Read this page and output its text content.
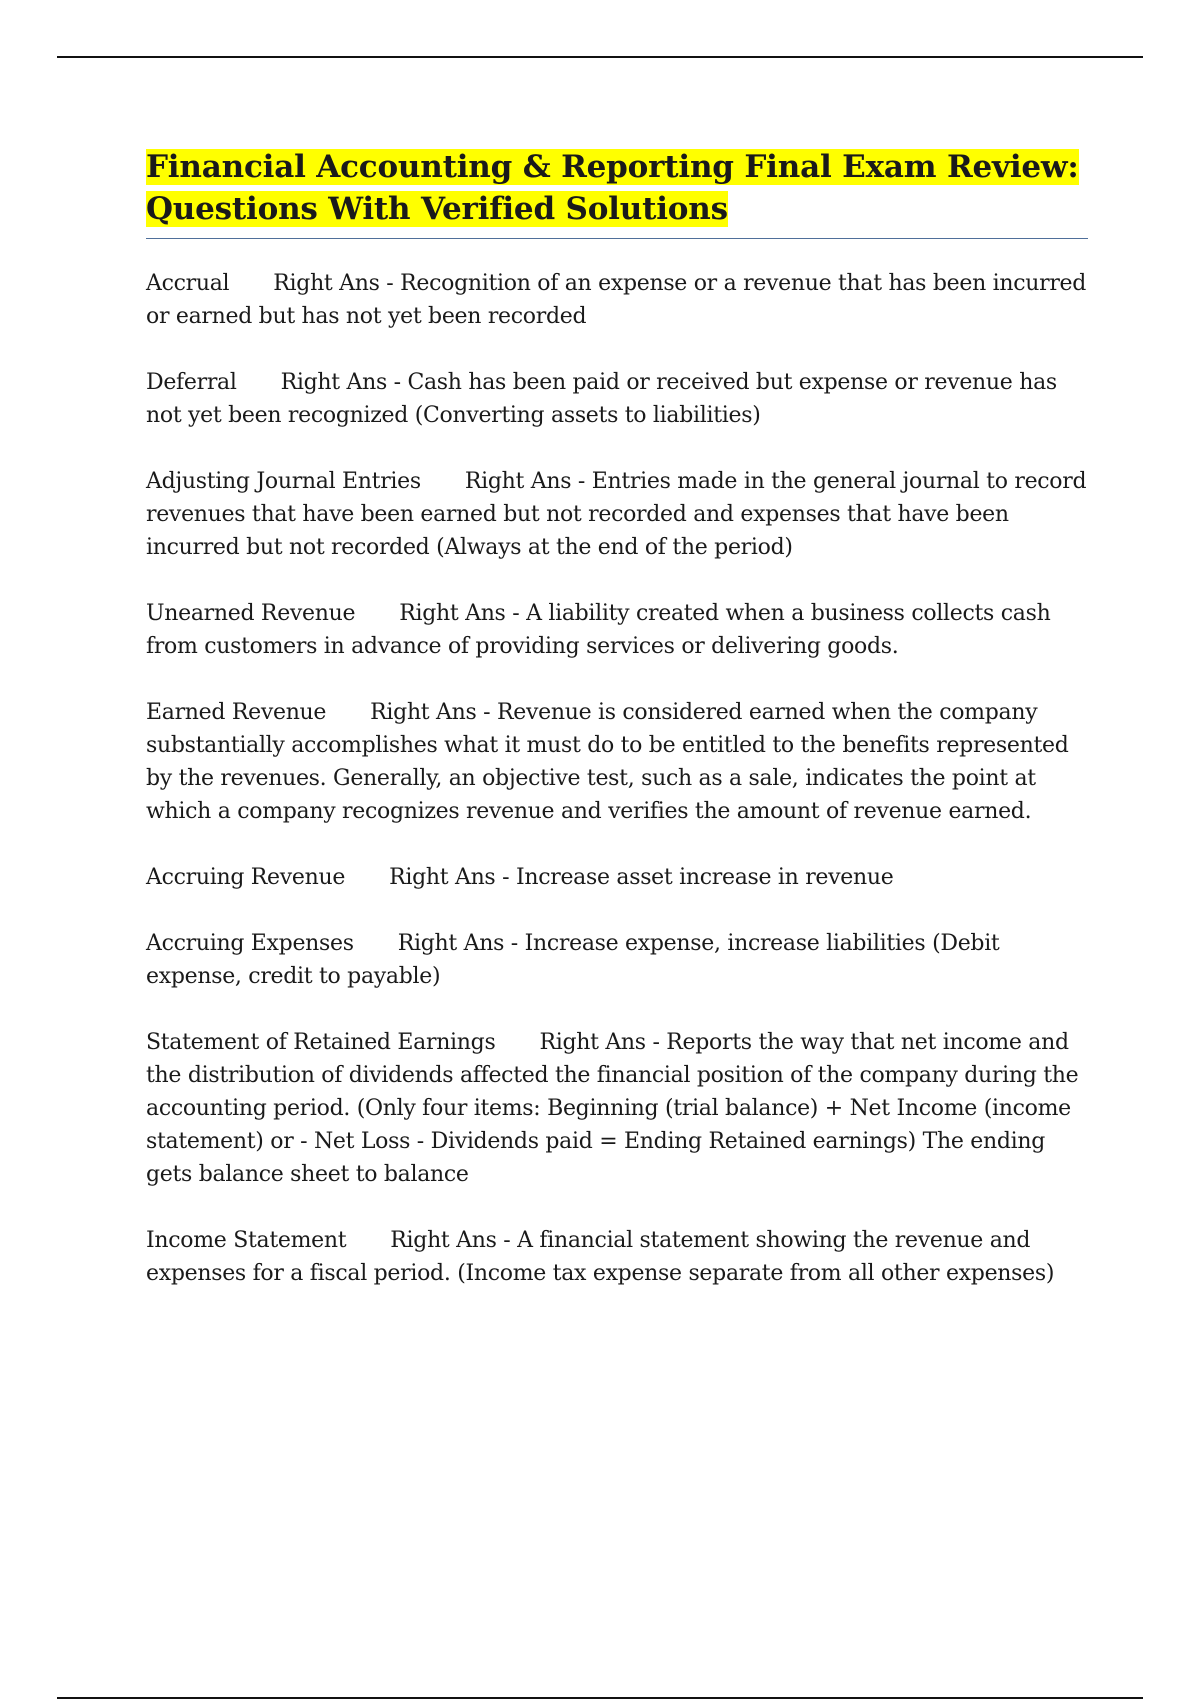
Financial Accounting & Reporting Final Exam Review: Questions With Verified Solutions

Accrual Right Ans - Recognition of an expense or a revenue that has been incurred or earned but has not yet been recorded

Deferral Right Ans - Cash has been paid or received but expense or revenue has not yet been recognized (Converting assets to liabilities)

Adjusting Journal Entries Right Ans - Entries made in the general journal to record revenues that have been earned but not recorded and expenses that have been incurred but not recorded (Always at the end of the period)

Unearned Revenue Right Ans - A liability created when a business collects cash from customers in advance of providing services or delivering goods.

Earned Revenue Right Ans - Revenue is considered earned when the company substantially accomplishes what it must do to be entitled to the benefits represented by the revenues. Generally, an objective test, such as a sale, indicates the point at which a company recognizes revenue and verifies the amount of revenue earned.

Accruing Revenue Right Ans - Increase asset increase in revenue

Accruing Expenses Right Ans - Increase expense, increase liabilities (Debit expense, credit to payable)

Statement of Retained Earnings Right Ans - Reports the way that net income and the distribution of dividends affected the financial position of the company during the accounting period. (Only four items: Beginning (trial balance) + Net Income (income statement) or - Net Loss - Dividends paid = Ending Retained earnings) The ending gets balance sheet to balance

Income Statement Right Ans - A financial statement showing the revenue and expenses for a fiscal period. (Income tax expense separate from all other expenses)
